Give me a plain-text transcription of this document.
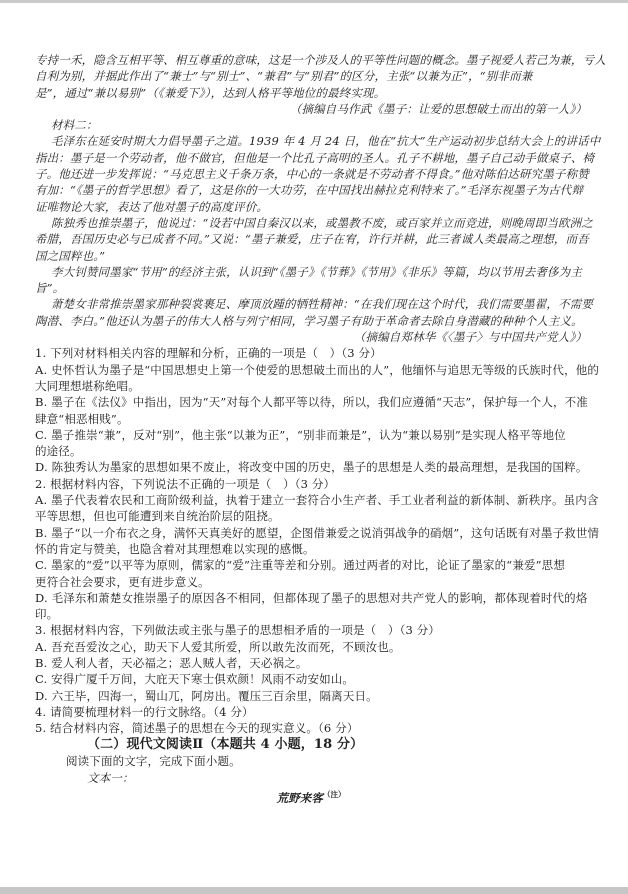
专持一禾，隐含互相平等、相互尊重的意味，这是一个涉及人的平等性问题的概念。墨子视爱人若己为兼，亏人
自利为别，并据此作出了“兼士”与“别士”、“兼君”与“别君”的区分，主张“以兼为正”，“别非而兼
是”，通过“兼以易别”（《兼爱下》），达到人格平等地位的最终实现。
（摘编自马作武《墨子：让爱的思想破土而出的第一人》）
材料二：
毛泽东在延安时期大力倡导墨子之道。1939 年 4 月 24 日，他在“抗大”生产运动初步总结大会上的讲话中
指出：墨子是一个劳动者，他不做官，但他是一个比孔子高明的圣人。孔子不耕地，墨子自己动手做桌子、椅
子。他还进一步发挥说：“马克思主义千条万条，中心的一条就是不劳动者不得食。”他对陈伯达研究墨子称赞
有加：“《墨子的哲学思想》看了，这是你的一大功劳，在中国找出赫拉克利特来了。”毛泽东视墨子为古代辩
证唯物论大家，表达了他对墨子的高度评价。
陈独秀也推崇墨子，他说过：“设若中国自秦汉以来，或墨教不废，或百家并立而竞进，则晚周即当欧洲之
希腊，吾国历史必与已成者不同。”又说：“墨子兼爱，庄子在宥，许行并耕，此三者诚人类最高之理想，而吾
国之国粹也。”
李大钊赞同墨家“节用”的经济主张，认识到“《墨子》《节葬》《节用》《非乐》等篇，均以节用去奢侈为主
旨”。
萧楚女非常推崇墨家那种裂裳裹足、摩顶放踵的牺牲精神：“在我们现在这个时代，我们需要墨翟，不需要
陶潜、李白。”他还认为墨子的伟大人格与列宁相同，学习墨子有助于革命者去除自身潜藏的种种个人主义。
（摘编自郑林华《〈墨子〉与中国共产党人》）
1. 下列对材料相关内容的理解和分析，正确的一项是（　）（3 分）
A. 史怀哲认为墨子是“中国思想史上第一个使爱的思想破土而出的人”，他缅怀与追思无等级的氏族时代，他的
大同理想堪称绝唱。
B. 墨子在《法仪》中指出，因为“天”对每个人都平等以待，所以，我们应遵循“天志”，保护每一个人，不准
肆意“相恶相贱”。
C. 墨子推崇“兼”，反对“别”，他主张“以兼为正”，“别非而兼是”，认为“兼以易别”是实现人格平等地位
的途径。
D. 陈独秀认为墨家的思想如果不废止，将改变中国的历史，墨子的思想是人类的最高理想，是我国的国粹。
2. 根据材料内容，下列说法不正确的一项是（　）（3 分）
A. 墨子代表着农民和工商阶级利益，执着于建立一套符合小生产者、手工业者利益的新体制、新秩序。虽内含
平等思想，但也可能遭到来自统治阶层的阻挠。
B. 墨子“以一介布衣之身，满怀天真美好的愿望，企图借兼爱之说消弭战争的硝烟”，这句话既有对墨子救世情
怀的肯定与赞美，也隐含着对其理想难以实现的感慨。
C. 墨家的“爱”以平等为原则，儒家的“爱”注重等差和分别。通过两者的对比，论证了墨家的“兼爱”思想
更符合社会要求，更有进步意义。
D. 毛泽东和萧楚女推崇墨子的原因各不相同，但都体现了墨子的思想对共产党人的影响，都体现着时代的烙
印。
3. 根据材料内容，下列做法或主张与墨子的思想相矛盾的一项是（　）（3 分）
A. 吾充吾爱汝之心，助天下人爱其所爱，所以敢先汝而死，不顾汝也。
B. 爱人利人者，天必福之；恶人贼人者，天必祸之。
C. 安得广厦千万间，大庇天下寒士俱欢颜！风雨不动安如山。
D. 六王毕，四海一，蜀山兀，阿房出。覆压三百余里，隔离天日。
4. 请简要梳理材料一的行文脉络。（4 分）
5. 结合材料内容，简述墨子的思想在今天的现实意义。（6 分）
（二）现代文阅读Ⅱ（本题共 4 小题，18 分）
阅读下面的文字，完成下面小题。
文本一：
荒野来客$^{(注)}$
